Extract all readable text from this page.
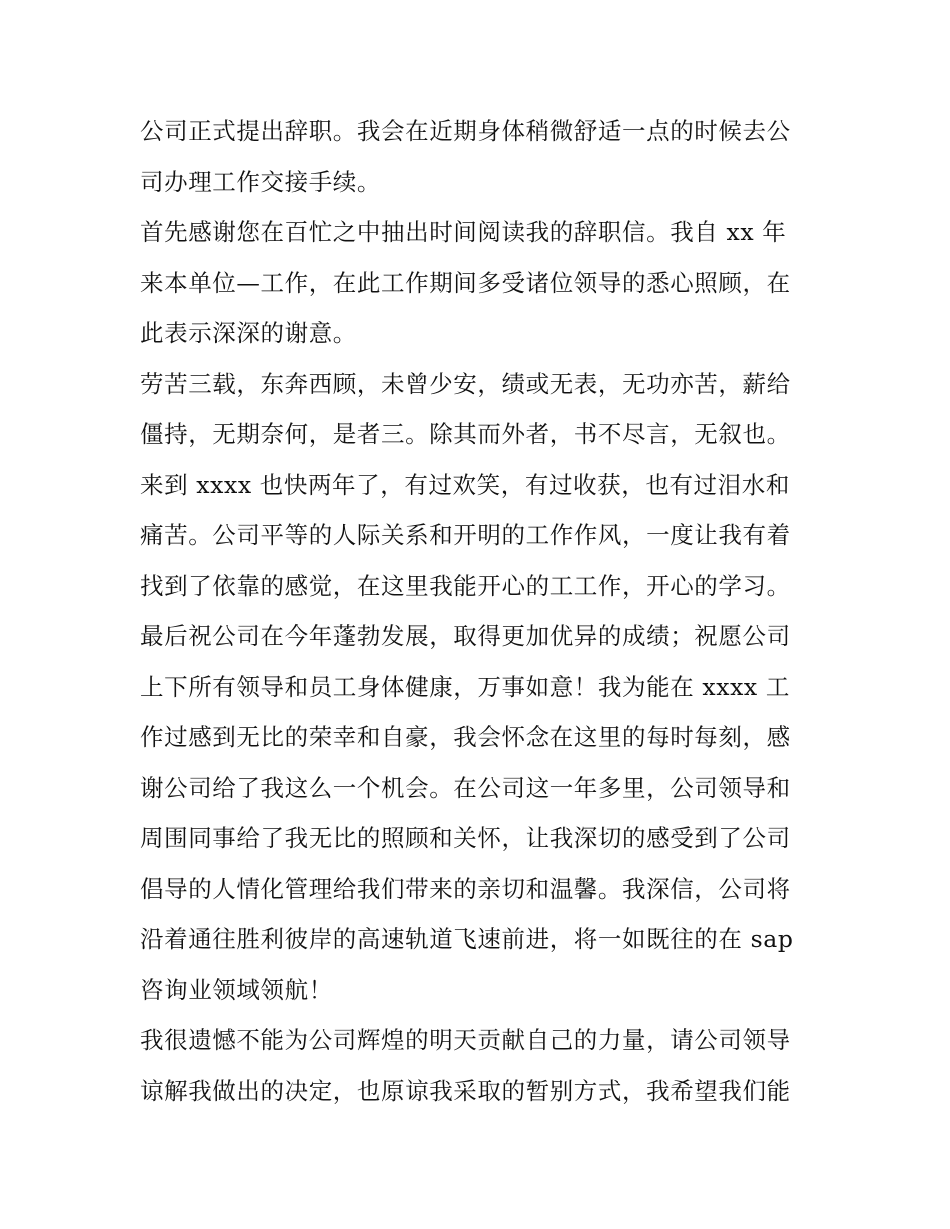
公司正式提出辞职。我会在近期身体稍微舒适一点的时候去公
司办理工作交接手续。
首先感谢您在百忙之中抽出时间阅读我的辞职信。我自 xx 年
来本单位—工作，在此工作期间多受诸位领导的悉心照顾，在
此表示深深的谢意。
劳苦三载，东奔西顾，未曾少安，绩或无表，无功亦苦，薪给
僵持，无期奈何，是者三。除其而外者，书不尽言，无叙也。
来到 xxxx 也快两年了，有过欢笑，有过收获，也有过泪水和
痛苦。公司平等的人际关系和开明的工作作风，一度让我有着
找到了依靠的感觉，在这里我能开心的工工作，开心的学习。
最后祝公司在今年蓬勃发展，取得更加优异的成绩；祝愿公司
上下所有领导和员工身体健康，万事如意！我为能在 xxxx 工
作过感到无比的荣幸和自豪，我会怀念在这里的每时每刻，感
谢公司给了我这么一个机会。在公司这一年多里，公司领导和
周围同事给了我无比的照顾和关怀，让我深切的感受到了公司
倡导的人情化管理给我们带来的亲切和温馨。我深信，公司将
沿着通往胜利彼岸的高速轨道飞速前进，将一如既往的在 sap
咨询业领域领航！
我很遗憾不能为公司辉煌的明天贡献自己的力量，请公司领导
谅解我做出的决定，也原谅我采取的暂别方式，我希望我们能
